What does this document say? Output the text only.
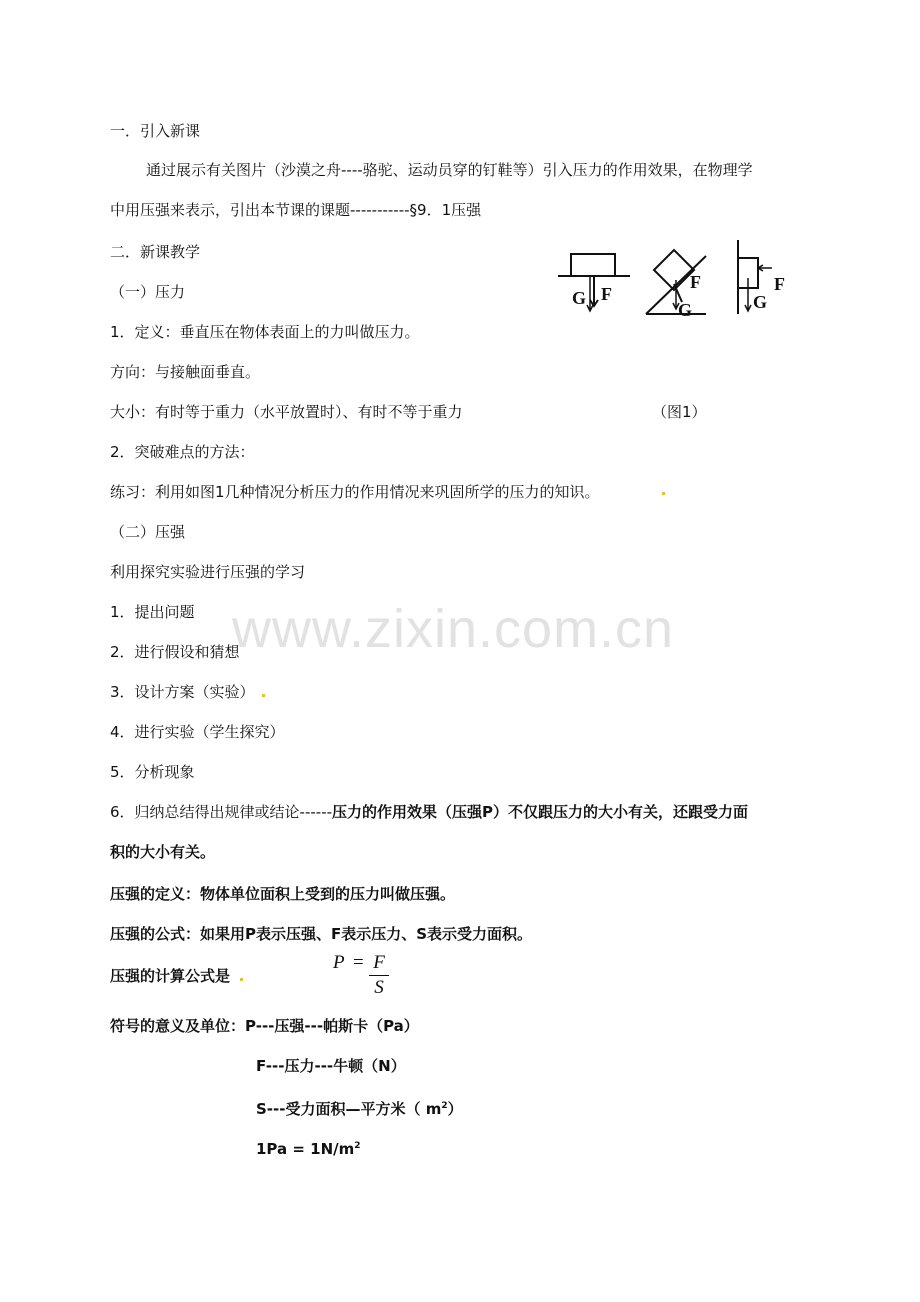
www.zixin.com.cn
一．引入新课
通过展示有关图片（沙漠之舟----骆驼、运动员穿的钉鞋等）引入压力的作用效果，在物理学
中用压强来表示，引出本节课的课题-----------§9．1压强
二．新课教学
（一）压力
1．定义：垂直压在物体表面上的力叫做压力。
方向：与接触面垂直。
大小：有时等于重力（水平放置时）、有时不等于重力	（图1）
2．突破难点的方法：
练习：利用如图1几种情况分析压力的作用情况来巩固所学的压力的知识。
（二）压强
利用探究实验进行压强的学习
1．提出问题
2．进行假设和猜想
3．设计方案（实验）
4．进行实验（学生探究）
5．分析现象
6．归纳总结得出规律或结论------压力的作用效果（压强P）不仅跟压力的大小有关，还跟受力面
积的大小有关。
压强的定义：物体单位面积上受到的压力叫做压强。
压强的公式：如果用P表示压强、F表示压力、S表示受力面积。
压强的计算公式是
P = F
S
符号的意义及单位：P---压强---帕斯卡（Pa）
F---压力---牛顿（N）
S---受力面积—平方米（ $m^2$）
$1Pa = 1N/m^2$
G F
F
G
F
G
